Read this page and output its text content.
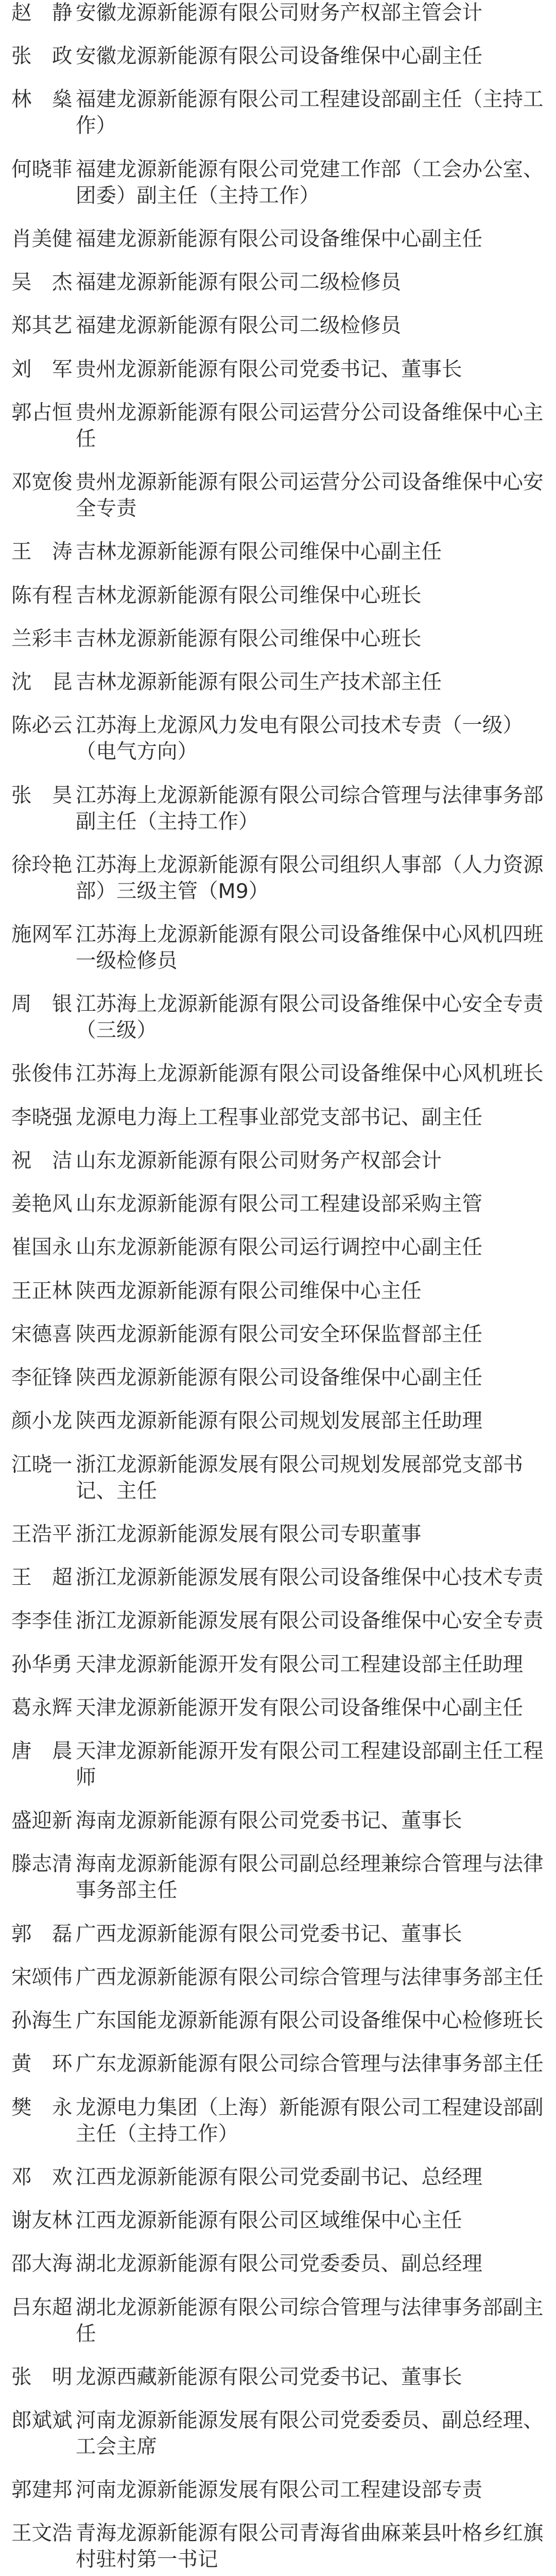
赵　静 安徽龙源新能源有限公司财务产权部主管会计
张　政 安徽龙源新能源有限公司设备维保中心副主任
林　燊 福建龙源新能源有限公司工程建设部副主任（主持工作）
何晓菲 福建龙源新能源有限公司党建工作部（工会办公室、团委）副主任（主持工作）
肖美健 福建龙源新能源有限公司设备维保中心副主任
吴　杰 福建龙源新能源有限公司二级检修员
郑其艺 福建龙源新能源有限公司二级检修员
刘　军 贵州龙源新能源有限公司党委书记、董事长
郭占恒 贵州龙源新能源有限公司运营分公司设备维保中心主任
邓宽俊 贵州龙源新能源有限公司运营分公司设备维保中心安全专责
王　涛 吉林龙源新能源有限公司维保中心副主任
陈有程 吉林龙源新能源有限公司维保中心班长
兰彩丰 吉林龙源新能源有限公司维保中心班长
沈　昆 吉林龙源新能源有限公司生产技术部主任
陈必云 江苏海上龙源风力发电有限公司技术专责（一级）（电气方向）
张　昊 江苏海上龙源新能源有限公司综合管理与法律事务部副主任（主持工作）
徐玲艳 江苏海上龙源新能源有限公司组织人事部（人力资源部）三级主管（M9）
施网军 江苏海上龙源新能源有限公司设备维保中心风机四班一级检修员
周　银 江苏海上龙源新能源有限公司设备维保中心安全专责（三级）
张俊伟 江苏海上龙源新能源有限公司设备维保中心风机班长
李晓强 龙源电力海上工程事业部党支部书记、副主任
祝　洁 山东龙源新能源有限公司财务产权部会计
姜艳风 山东龙源新能源有限公司工程建设部采购主管
崔国永 山东龙源新能源有限公司运行调控中心副主任
王正林 陕西龙源新能源有限公司维保中心主任
宋德喜 陕西龙源新能源有限公司安全环保监督部主任
李征锋 陕西龙源新能源有限公司设备维保中心副主任
颜小龙 陕西龙源新能源有限公司规划发展部主任助理
江晓一 浙江龙源新能源发展有限公司规划发展部党支部书记、主任
王浩平 浙江龙源新能源发展有限公司专职董事
王　超 浙江龙源新能源发展有限公司设备维保中心技术专责
李李佳 浙江龙源新能源发展有限公司设备维保中心安全专责
孙华勇 天津龙源新能源开发有限公司工程建设部主任助理
葛永辉 天津龙源新能源开发有限公司设备维保中心副主任
唐　晨 天津龙源新能源开发有限公司工程建设部副主任工程师
盛迎新 海南龙源新能源有限公司党委书记、董事长
滕志清 海南龙源新能源有限公司副总经理兼综合管理与法律事务部主任
郭　磊 广西龙源新能源有限公司党委书记、董事长
宋颂伟 广西龙源新能源有限公司综合管理与法律事务部主任
孙海生 广东国能龙源新能源有限公司设备维保中心检修班长
黄　环 广东龙源新能源有限公司综合管理与法律事务部主任
樊　永 龙源电力集团（上海）新能源有限公司工程建设部副主任（主持工作）
邓　欢 江西龙源新能源有限公司党委副书记、总经理
谢友林 江西龙源新能源有限公司区域维保中心主任
邵大海 湖北龙源新能源有限公司党委委员、副总经理
吕东超 湖北龙源新能源有限公司综合管理与法律事务部副主任
张　明 龙源西藏新能源有限公司党委书记、董事长
郎斌斌 河南龙源新能源发展有限公司党委委员、副总经理、工会主席
郭建邦 河南龙源新能源发展有限公司工程建设部专责
王文浩 青海龙源新能源有限公司青海省曲麻莱县叶格乡红旗村驻村第一书记
